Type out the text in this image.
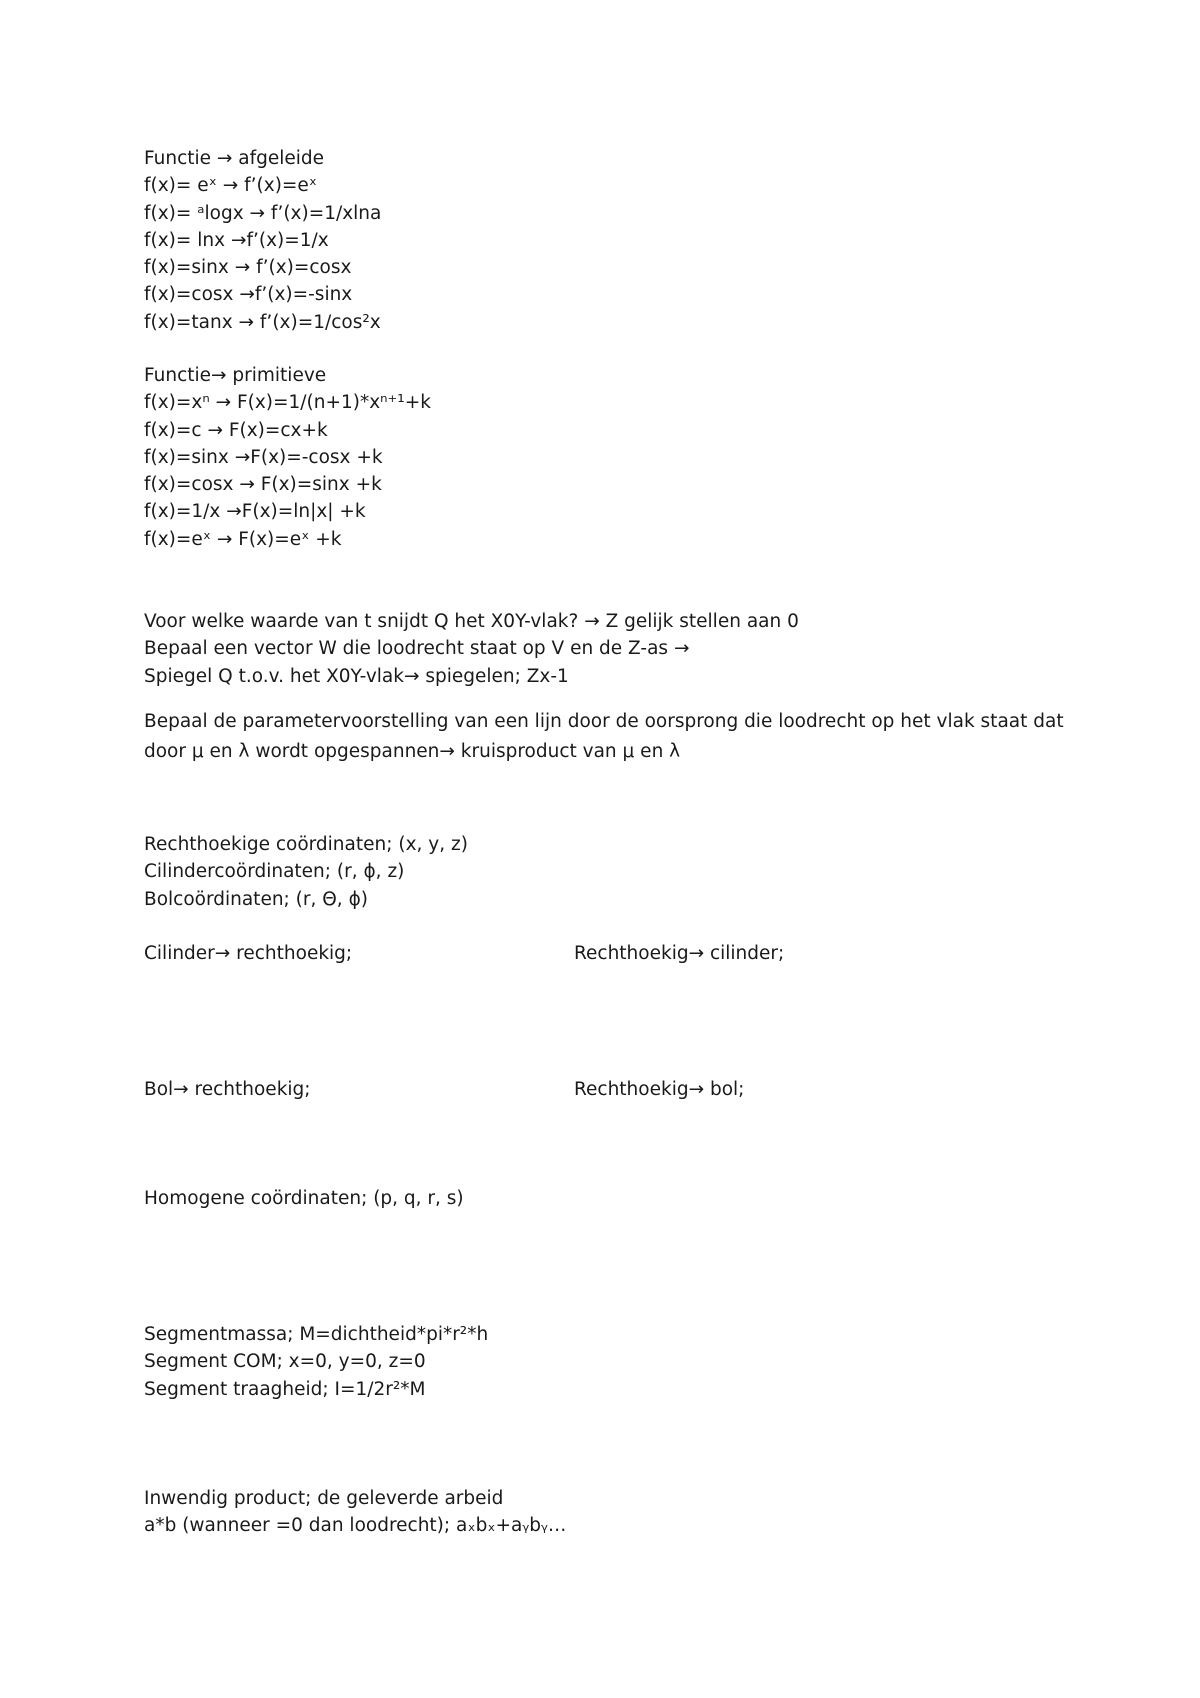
Functie → afgeleide
f(x)= eˣ → f’(x)=eˣ
f(x)= ᵃlogx → f’(x)=1/xlna
f(x)= lnx →f’(x)=1/x
f(x)=sinx → f’(x)=cosx
f(x)=cosx →f’(x)=-sinx
f(x)=tanx → f’(x)=1/cos²x
Functie→ primitieve
f(x)=xⁿ → F(x)=1/(n+1)*xⁿ⁺¹+k
f(x)=c → F(x)=cx+k
f(x)=sinx →F(x)=-cosx +k
f(x)=cosx → F(x)=sinx +k
f(x)=1/x →F(x)=ln|x| +k
f(x)=eˣ → F(x)=eˣ +k
Voor welke waarde van t snijdt Q het X0Y-vlak? → Z gelijk stellen aan 0
Bepaal een vector W die loodrecht staat op V en de Z-as →
Spiegel Q t.o.v. het X0Y-vlak→ spiegelen; Zx-1
Bepaal de parametervoorstelling van een lijn door de oorsprong die loodrecht op het vlak staat dat
door μ en λ wordt opgespannen→ kruisproduct van μ en λ
Rechthoekige coördinaten; (x, y, z)
Cilindercoördinaten; (r, ϕ, z)
Bolcoördinaten; (r, Θ, ϕ)
Cilinder→ rechthoekig;	Rechthoekig→ cilinder;
Bol→ rechthoekig;	Rechthoekig→ bol;
Homogene coördinaten; (p, q, r, s)
Segmentmassa; M=dichtheid*pi*r²*h
Segment COM; x=0, y=0, z=0
Segment traagheid; I=1/2r²*M
Inwendig product; de geleverde arbeid
a*b (wanneer =0 dan loodrecht); aₓbₓ+aᵧbᵧ…
